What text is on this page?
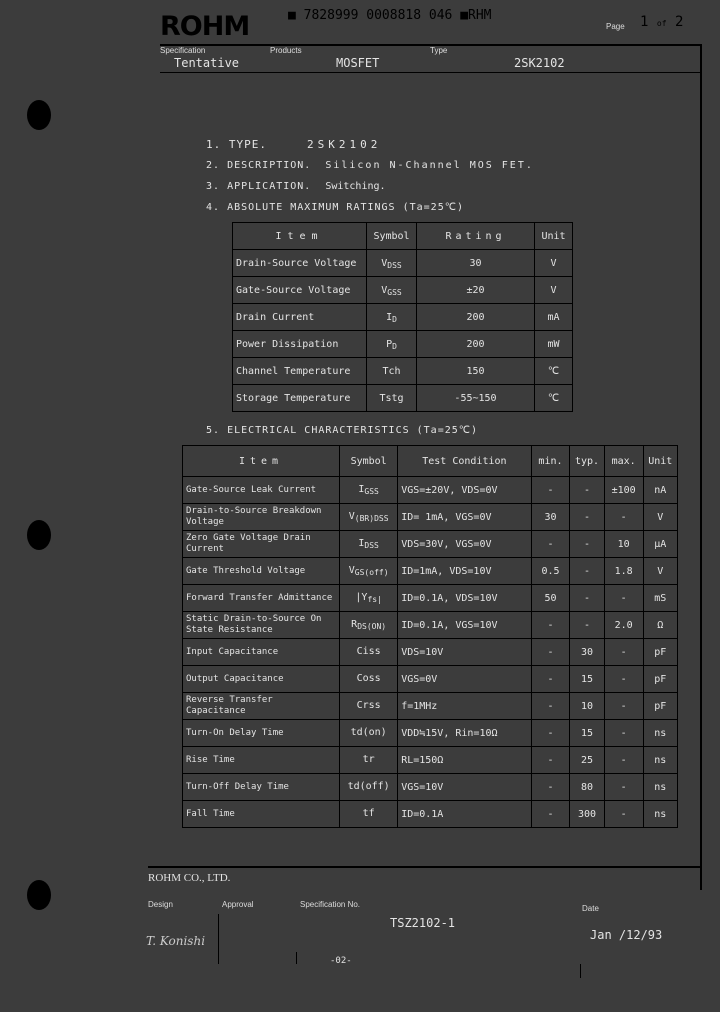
ROHM	■ 7828999 0008818 046 ■RHM
Page 1 of 2
Specification
Tentative
Products
MOSFET
Type
2SK2102
1. TYPE.	2SK2102
2. DESCRIPTION. Silicon N-Channel MOS FET.
3. APPLICATION. Switching.
4. ABSOLUTE MAXIMUM RATINGS (Ta=25℃)
Item	Symbol	Rating	Unit
Drain-Source Voltage	$V_{DSS}$	30	V
Gate-Source Voltage	$V_{GSS}$	±20	V
Drain Current	$I_D$	200	mA
Power Dissipation	$P_D$	200	mW
Channel Temperature	Tch	150	℃
Storage Temperature	Tstg	-55~150	℃
5. ELECTRICAL CHARACTERISTICS (Ta=25℃)
Item	Symbol	Test Condition	min.	typ.	max.	Unit
Gate-Source Leak Current	$I_{GSS}$	VGS=±20V, VDS=0V	-	-	±100	nA
Drain-to-Source Breakdown Voltage	$V_{(BR)DSS}$	ID= 1mA, VGS=0V	30	-	-	V
Zero Gate Voltage Drain Current	$I_{DSS}$	VDS=30V, VGS=0V	-	-	10	μA
Gate Threshold Voltage	$V_{GS(off)}$	ID=1mA, VDS=10V	0.5	-	1.8	V
Forward Transfer Admittance	$|Y_{fs|}$	ID=0.1A, VDS=10V	50	-	-	mS
Static Drain-to-Source On State Resistance	$R_{DS(ON)}$	ID=0.1A, VGS=10V	-	-	2.0	Ω
Input Capacitance	Ciss	VDS=10V	-	30	-	pF
Output Capacitance	Coss	VGS=0V	-	15	-	pF
Reverse Transfer Capacitance	Crss	f=1MHz	-	10	-	pF
Turn-On Delay Time	td(on)	VDD≒15V, Rin=10Ω	-	15	-	ns
Rise Time	tr	RL=150Ω	-	25	-	ns
Turn-Off Delay Time	td(off)	VGS=10V	-	80	-	ns
Fall Time	tf	ID=0.1A	-	300	-	ns
ROHM CO., LTD.
Design	Approval	Specification No.
TSZ2102-1
Date
Jan /12/93
T. Konishi
-02-
